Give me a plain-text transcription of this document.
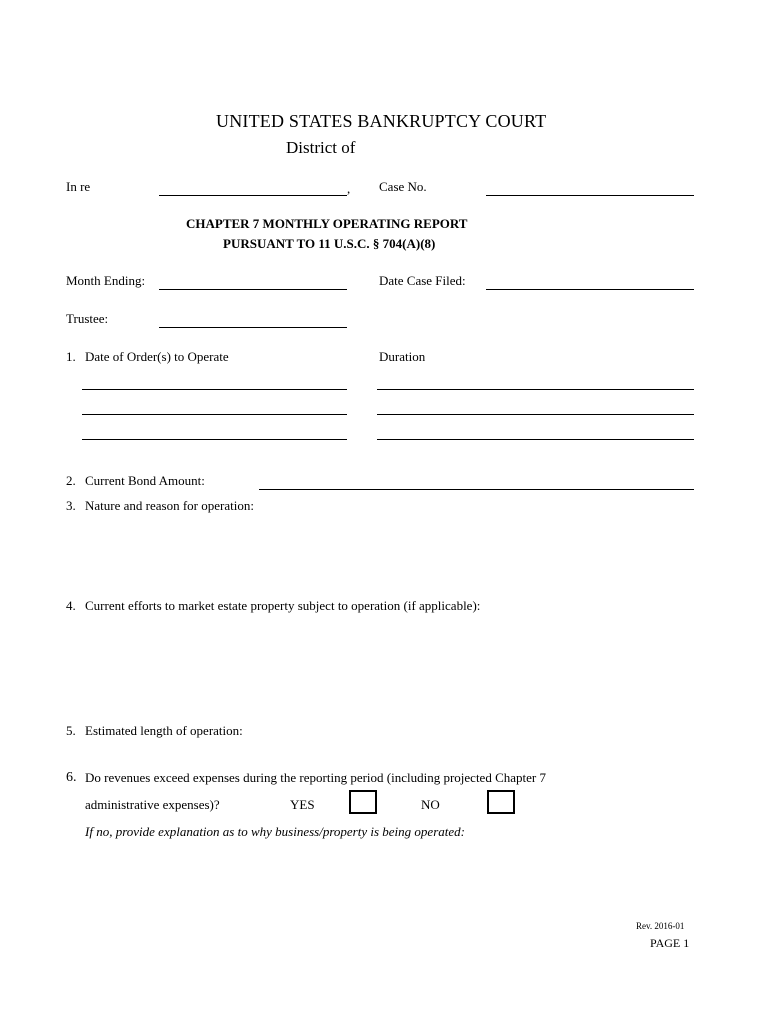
UNITED STATES BANKRUPTCY COURT
District of
In re	, Case No.
CHAPTER 7 MONTHLY OPERATING REPORT
PURSUANT TO 11 U.S.C. § 704(A)(8)
Month Ending:	Date Case Filed:
Trustee:
1. Date of Order(s) to Operate	Duration
2. Current Bond Amount:
3. Nature and reason for operation:
4. Current efforts to market estate property subject to operation (if applicable):
5. Estimated length of operation:
6. Do revenues exceed expenses during the reporting period (including projected Chapter 7
administrative expenses)?	YES	NO
If no, provide explanation as to why business/property is being operated:
Rev. 2016-01
PAGE 1
